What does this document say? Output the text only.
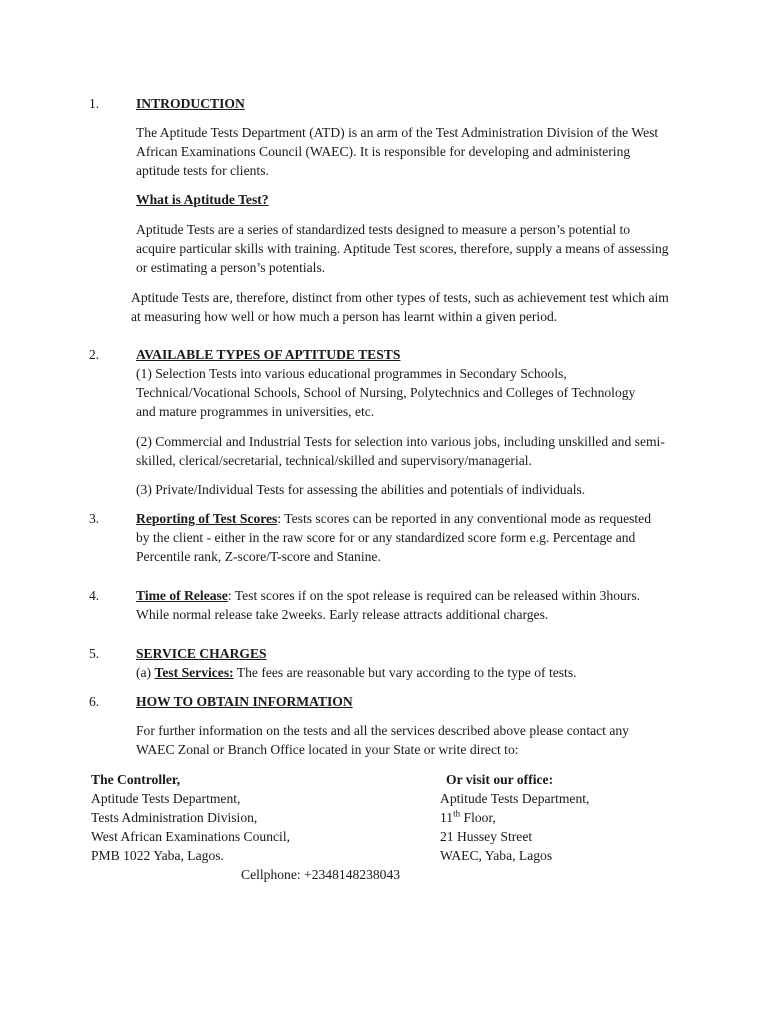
1.	INTRODUCTION

The Aptitude Tests Department (ATD) is an arm of the Test Administration Division of the West African Examinations Council (WAEC). It is responsible for developing and administering aptitude tests for clients.

What is Aptitude Test?

Aptitude Tests are a series of standardized tests designed to measure a person’s potential to acquire particular skills with training. Aptitude Test scores, therefore, supply a means of assessing or estimating a person’s potentials.

Aptitude Tests are, therefore, distinct from other types of tests, such as achievement test which aim at measuring how well or how much a person has learnt within a given period.

2.	AVAILABLE TYPES OF APTITUDE TESTS

(1) Selection Tests into various educational programmes in Secondary Schools, Technical/Vocational Schools, School of Nursing, Polytechnics and Colleges of Technology and mature programmes in universities, etc.

(2) Commercial and Industrial Tests for selection into various jobs, including unskilled and semi-skilled, clerical/secretarial, technical/skilled and supervisory/managerial.

(3) Private/Individual Tests for assessing the abilities and potentials of individuals.

3.	Reporting of Test Scores: Tests scores can be reported in any conventional mode as requested by the client - either in the raw score for or any standardized score form e.g. Percentage and Percentile rank, Z-score/T-score and Stanine.

4.	Time of Release: Test scores if on the spot release is required can be released within 3hours. While normal release take 2weeks. Early release attracts additional charges.

5.	SERVICE CHARGES

(a) Test Services: The fees are reasonable but vary according to the type of tests.

6.	HOW TO OBTAIN INFORMATION

For further information on the tests and all the services described above please contact any WAEC Zonal or Branch Office located in your State or write direct to:

The Controller,
Aptitude Tests Department,
Tests Administration Division,
West African Examinations Council,
PMB 1022 Yaba, Lagos.
Or visit our office:
Aptitude Tests Department,
11th Floor,
21 Hussey Street
WAEC, Yaba, Lagos
Cellphone: +2348148238043
